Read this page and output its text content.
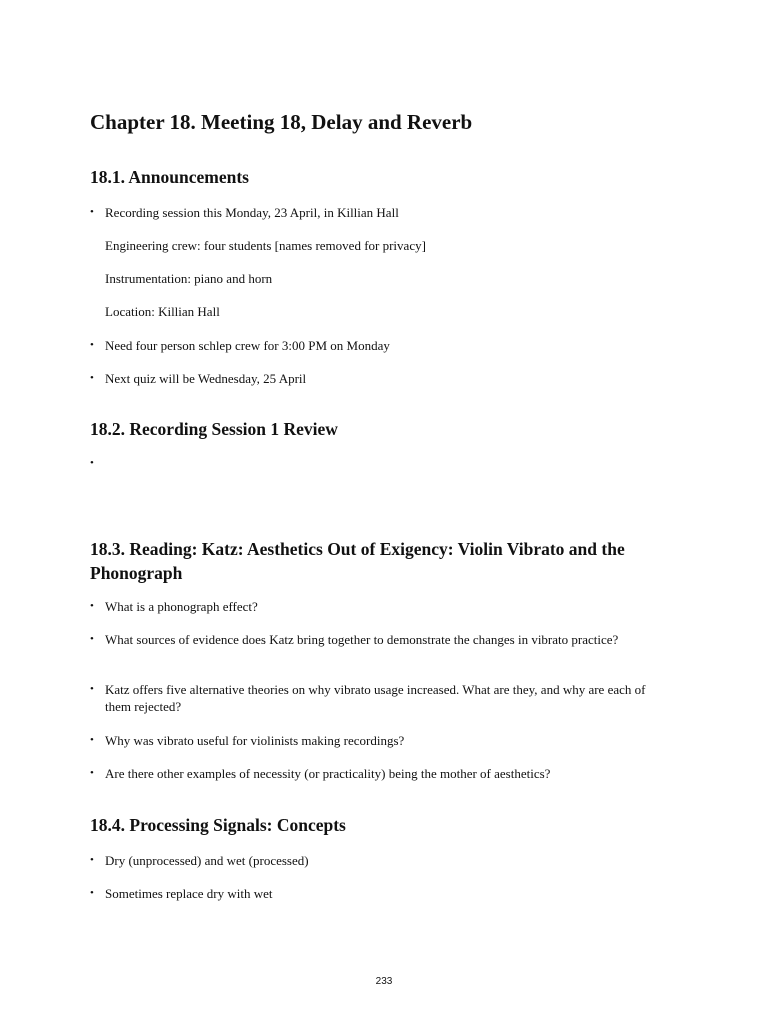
Chapter 18. Meeting 18, Delay and Reverb
18.1. Announcements
• Recording session this Monday, 23 April, in Killian Hall

Engineering crew: four students [names removed for privacy]

Instrumentation: piano and horn

Location: Killian Hall

• Need four person schlep crew for 3:00 PM on Monday
• Next quiz will be Wednesday, 25 April
18.2. Recording Session 1 Review
•
18.3. Reading: Katz: Aesthetics Out of Exigency: Violin Vibrato and the Phonograph
• What is a phonograph effect?
• What sources of evidence does Katz bring together to demonstrate the changes in vibrato practice?
• Katz offers five alternative theories on why vibrato usage increased. What are they, and why are each of them rejected?
• Why was vibrato useful for violinists making recordings?
• Are there other examples of necessity (or practicality) being the mother of aesthetics?
18.4. Processing Signals: Concepts
• Dry (unprocessed) and wet (processed)
• Sometimes replace dry with wet
233
